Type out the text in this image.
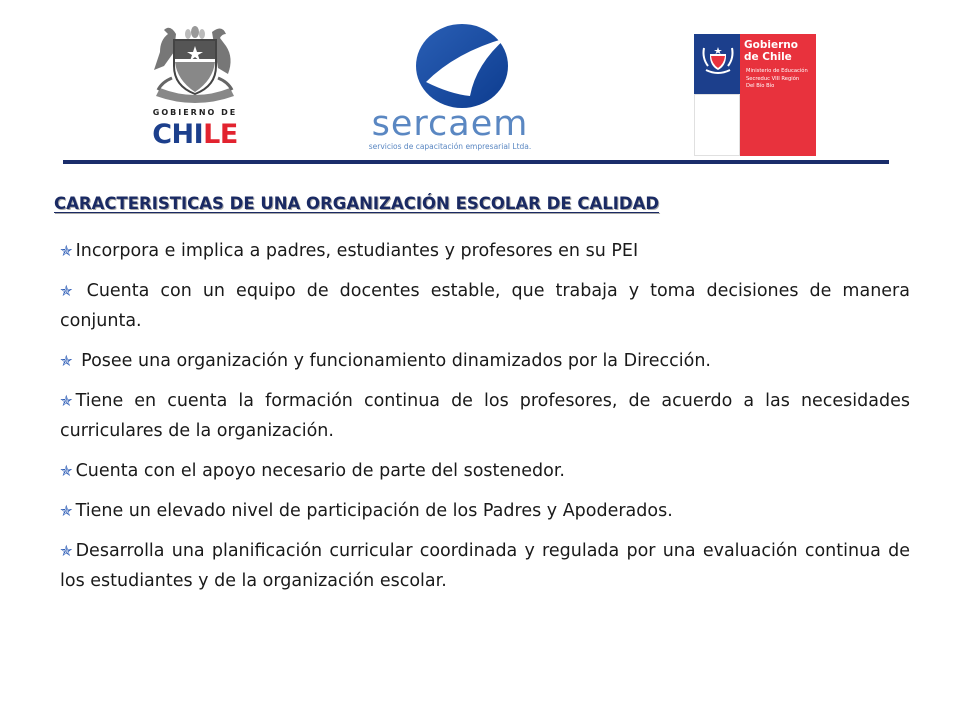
GOBIERNO DE
CHILE	sercaem
servicios de capacitación empresarial Ltda.
Gobierno
de Chile
Ministerio de Educación
Secreduc VIII Región
Del Bío Bío
CARACTERISTICAS DE UNA ORGANIZACIÓN ESCOLAR DE CALIDAD
✯ Incorpora e implica a padres, estudiantes y profesores en su PEI
✯ Cuenta con un equipo de docentes estable, que trabaja y toma decisiones de manera conjunta.
✯ Posee una organización y funcionamiento dinamizados por la Dirección.
✯ Tiene en cuenta la formación continua de los profesores, de acuerdo a las necesidades curriculares de la organización.
✯ Cuenta con el apoyo necesario de parte del sostenedor.
✯ Tiene un elevado nivel de participación de los Padres y Apoderados.
✯ Desarrolla una planificación curricular coordinada y regulada por una evaluación continua de los estudiantes y de la organización escolar.
